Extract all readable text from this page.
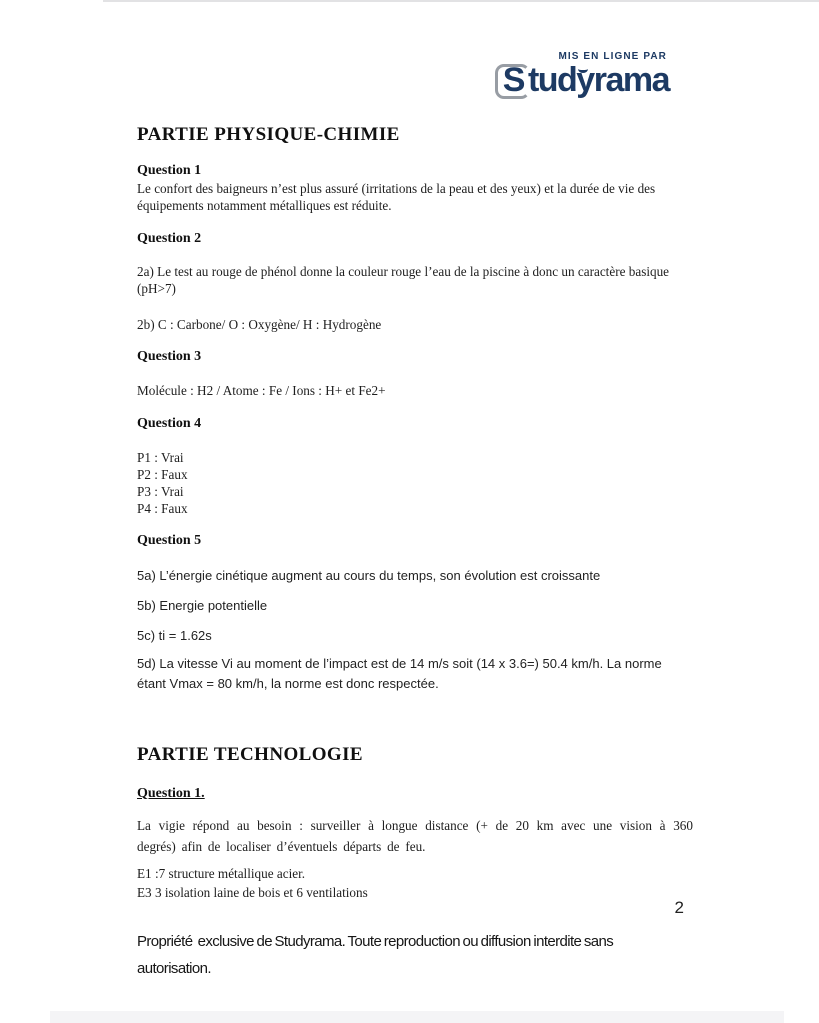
MIS EN LIGNE PAR
S tudyrama
PARTIE PHYSIQUE-CHIMIE
Question 1
Le confort des baigneurs n’est plus assuré (irritations de la peau et des yeux) et la durée de vie des équipements notamment métalliques est réduite.
Question 2
2a) Le test au rouge de phénol donne la couleur rouge l’eau de la piscine à donc un caractère basique (pH>7)
2b) C : Carbone/ O : Oxygène/ H : Hydrogène
Question 3
Molécule : H2 / Atome : Fe / Ions : H+ et Fe2+
Question 4
P1 : Vrai
P2 : Faux
P3 : Vrai
P4 : Faux
Question 5
5a) L’énergie cinétique augment au cours du temps, son évolution est croissante
5b) Energie potentielle
5c) ti = 1.62s
5d) La vitesse Vi au moment de l’impact est de 14 m/s soit (14 x 3.6=) 50.4 km/h. La norme étant Vmax = 80 km/h, la norme est donc respectée.
PARTIE TECHNOLOGIE
Question 1.
La vigie répond au besoin : surveiller à longue distance (+ de 20 km avec une vision à 360 degrés) afin de localiser d’éventuels départs de feu.
E1 :7 structure métallique acier.
E3 3 isolation laine de bois et 6 ventilations
2
Propriété  exclusive de Studyrama. Toute reproduction ou diffusion interdite sans autorisation.
